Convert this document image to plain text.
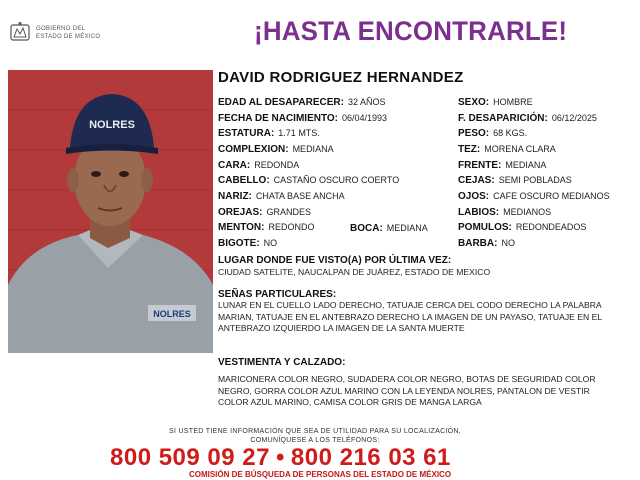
GOBIERNO DEL
ESTADO DE MÉXICO	¡HASTA ENCONTRARLE!
NOLRES
NOLRES
DAVID RODRIGUEZ HERNANDEZ
EDAD AL DESAPARECER: 32 AÑOS
FECHA DE NACIMIENTO: 06/04/1993
ESTATURA: 1.71 MTS.
COMPLEXION: MEDIANA
CARA: REDONDA
CABELLO: CASTAÑO OSCURO COERTO
NARIZ: CHATA BASE ANCHA
OREJAS: GRANDES
MENTON: REDONDO	BOCA: MEDIANA
BIGOTE: NO
SEXO: HOMBRE
F. DESAPARICIÓN: 06/12/2025
PESO: 68 KGS.
TEZ: MORENA CLARA
FRENTE: MEDIANA
CEJAS: SEMI POBLADAS
OJOS: CAFE OSCURO MEDIANOS
LABIOS: MEDIANOS
POMULOS: REDONDEADOS
BARBA: NO
LUGAR DONDE FUE VISTO(A) POR ÚLTIMA VEZ:
CIUDAD SATELITE, NAUCALPAN DE JUÁREZ, ESTADO DE MEXICO
SEÑAS PARTICULARES:
LUNAR EN EL CUELLO LADO DERECHO, TATUAJE CERCA DEL CODO DERECHO LA PALABRA MARIAN, TATUAJE EN EL ANTEBRAZO DERECHO LA IMAGEN DE UN PAYASO, TATUAJE EN EL ANTEBRAZO IZQUIERDO LA IMAGEN DE LA SANTA MUERTE
VESTIMENTA Y CALZADO:
MARICONERA COLOR NEGRO, SUDADERA COLOR NEGRO, BOTAS DE SEGURIDAD COLOR NEGRO, GORRA COLOR AZUL MARINO CON LA LEYENDA NOLRES, PANTALON DE VESTIR COLOR AZUL MARINO, CAMISA COLOR GRIS DE MANGA LARGA
SI USTED TIENE INFORMACIÓN QUE SEA DE UTILIDAD PARA SU LOCALIZACIÓN,
COMUNÍQUESE A LOS TELÉFONOS:
800 509 09 27 • 800 216 03 61
COMISIÓN DE BÚSQUEDA DE PERSONAS DEL ESTADO DE MÉXICO
